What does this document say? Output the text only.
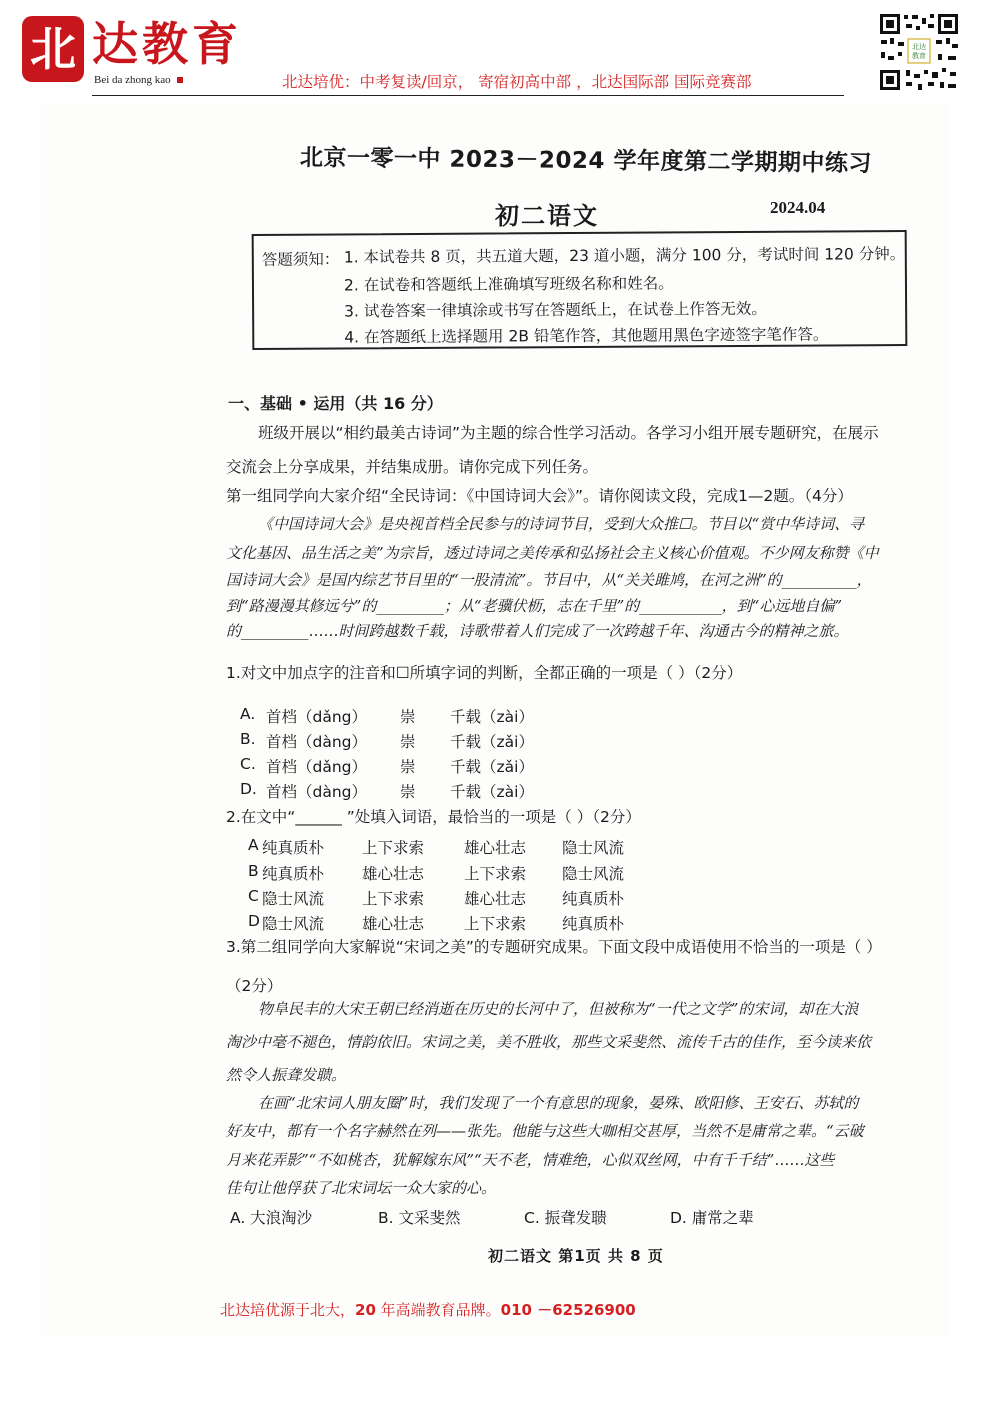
北 达教育
Bei da zhong kao	北达培优：中考复读/回京， 寄宿初高中部 ，北达国际部 国际竞赛部
北达
教育
北京一零一中 2023－2024 学年度第二学期期中练习
初二语文	2024.04
答题须知： 1. 本试卷共 8 页，共五道大题，23 道小题，满分 100 分，考试时间 120 分钟。
2. 在试卷和答题纸上准确填写班级名称和姓名。
3. 试卷答案一律填涂或书写在答题纸上，在试卷上作答无效。
4. 在答题纸上选择题用 2B 铅笔作答，其他题用黑色字迹签字笔作答。
一、基础 • 运用（共 16 分）
班级开展以“相约最美古诗词”为主题的综合性学习活动。各学习小组开展专题研究，在展示
交流会上分享成果，并结集成册。请你完成下列任务。
第一组同学向大家介绍“全民诗词：《中国诗词大会》”。请你阅读文段，完成1—2题。（4分）
《中国诗词大会》是央视首档全民参与的诗词节目，受到大众推☐。节目以“赏中华诗词、寻
文化基因、品生活之美”为宗旨，透过诗词之美传承和弘扬社会主义核心价值观。不少网友称赞《中
国诗词大会》是国内综艺节目里的“一股清流”。节目中，从“关关雎鸠，在河之洲”的__________，
到“路漫漫其修远兮”的_________；从“老骥伏枥，志在千里”的___________，到“心远地自偏”
的_________……时间跨越数千载，诗歌带着人们完成了一次跨越千年、沟通古今的精神之旅。
1.对文中加点字的注音和☐所填字词的判断，全都正确的一项是（ ）（2分）
A. 首档（dǎng） 崇 千载（zài）
B. 首档（dàng） 崇 千载（zǎi）
C. 首档（dǎng） 崇 千载（zǎi）
D. 首档（dàng） 崇 千载（zài）
2.在文中“______ ”处填入词语，最恰当的一项是（ ）（2分）
A 纯真质朴 上下求索	雄心壮志 隐士风流
B 纯真质朴 雄心壮志	上下求索 隐士风流
C 隐士风流 上下求索	雄心壮志 纯真质朴
D 隐士风流 雄心壮志	上下求索 纯真质朴
3.第二组同学向大家解说“宋词之美”的专题研究成果。下面文段中成语使用不恰当的一项是（ ）
（2分）
物阜民丰的大宋王朝已经消逝在历史的长河中了，但被称为“一代之文学”的宋词，却在大浪
淘沙中毫不褪色，情韵依旧。宋词之美，美不胜收，那些文采斐然、流传千古的佳作，至今读来依
然令人振聋发聩。
在画“北宋词人朋友圈”时，我们发现了一个有意思的现象，晏殊、欧阳修、王安石、苏轼的
好友中，都有一个名字赫然在列——张先。他能与这些大咖相交甚厚，当然不是庸常之辈。“云破
月来花弄影”“不如桃杏，犹解嫁东风”“天不老，情难绝，心似双丝网，中有千千结”……这些
佳句让他俘获了北宋词坛一众大家的心。
A. 大浪淘沙	B. 文采斐然	C. 振聋发聩	D. 庸常之辈
初二语文 第1页 共 8 页
北达培优源于北大，20 年高端教育品牌。010 －62526900
